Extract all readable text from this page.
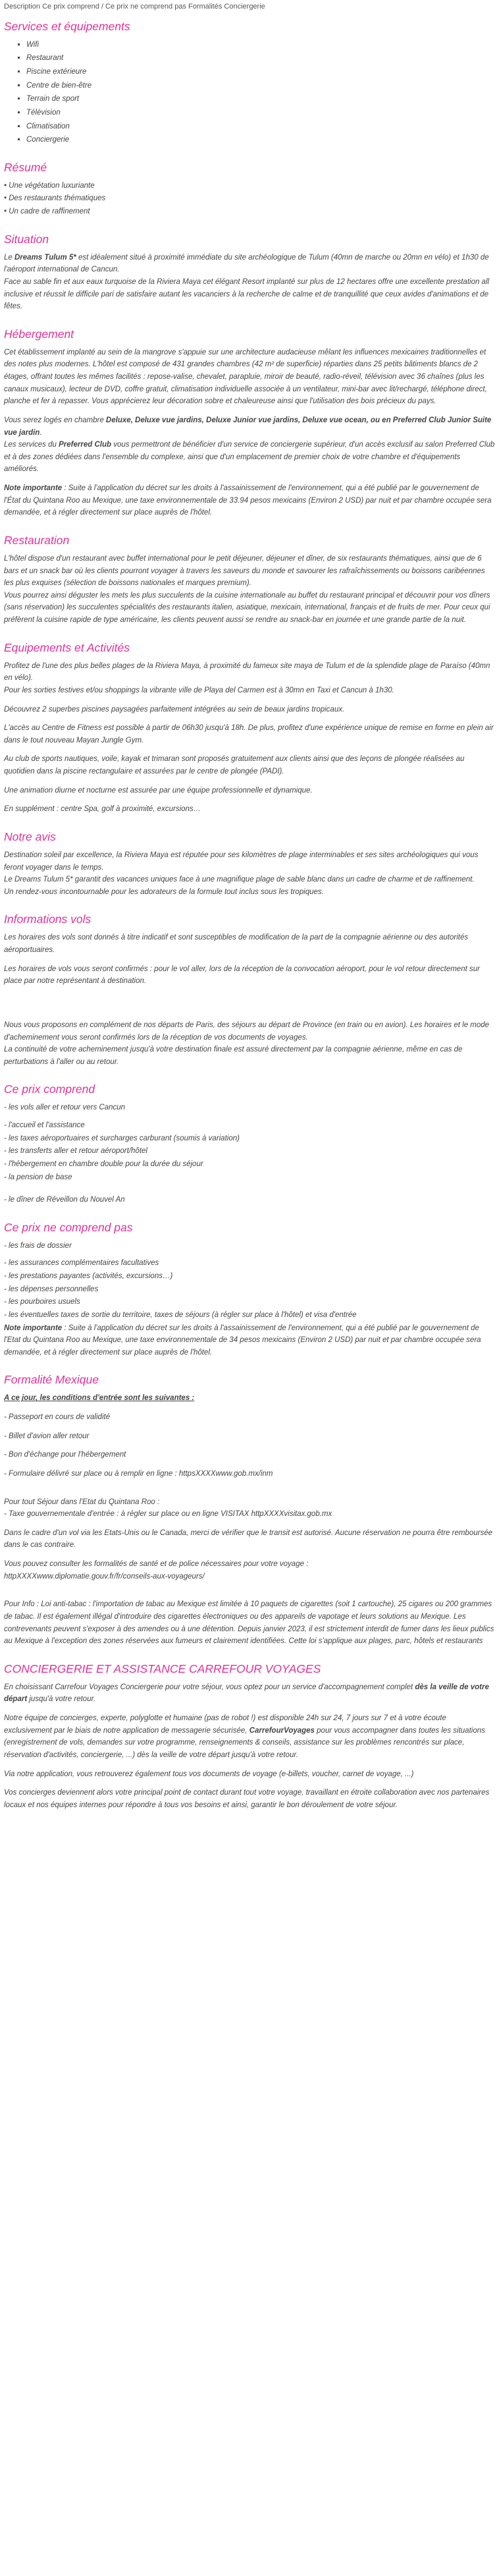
Description Ce prix comprend / Ce prix ne comprend pas Formalités Conciergerie
Services et équipements
▪ Wifi
▪ Restaurant
▪ Piscine extérieure
▪ Centre de bien-être
▪ Terrain de sport
▪ Télévision
▪ Climatisation
▪ Conciergerie
Résumé
• Une végétation luxuriante
• Des restaurants thématiques
• Un cadre de raffinement
Situation

Le Dreams Tulum 5* est idéalement situé à proximité immédiate du site archéologique de Tulum (40mn de marche ou 20mn en vélo) et 1h30 de l'aéroport international de Cancun.
Face au sable fin et aux eaux turquoise de la Riviera Maya cet élégant Resort implanté sur plus de 12 hectares offre une excellente prestation all inclusive et réussit le difficile pari de satisfaire autant les vacanciers à la recherche de calme et de tranquillité que ceux avides d'animations et de fêtes.

Hébergement

Cet établissement implanté au sein de la mangrove s'appuie sur une architecture audacieuse mêlant les influences mexicaines traditionnelles et des notes plus modernes. L'hôtel est composé de 431 grandes chambres (42 m² de superficie) réparties dans 25 petits bâtiments blancs de 2 étages, offrant toutes les mêmes facilités : repose-valise, chevalet, parapluie, miroir de beauté, radio-réveil, télévision avec 36 chaînes (plus les canaux musicaux), lecteur de DVD, coffre gratuit, climatisation individuelle associée à un ventilateur, mini-bar avec lit/rechargé, téléphone direct, planche et fer à repasser. Vous apprécierez leur décoration sobre et chaleureuse ainsi que l'utilisation des bois précieux du pays.

Vous serez logés en chambre Deluxe, Deluxe vue jardins, Deluxe Junior vue jardins, Deluxe vue ocean, ou en Preferred Club Junior Suite vue jardin.
Les services du Preferred Club vous permettront de bénéficier d'un service de conciergerie supérieur, d'un accès exclusif au salon Preferred Club et à des zones dédiées dans l'ensemble du complexe, ainsi que d'un emplacement de premier choix de votre chambre et d'équipements améliorés.

Note importante : Suite à l'application du décret sur les droits à l'assainissement de l'environnement, qui a été publié par le gouvernement de l'État du Quintana Roo au Mexique, une taxe environnementale de 33.94 pesos mexicains (Environ 2 USD) par nuit et par chambre occupée sera demandée, et à régler directement sur place auprès de l'hôtel.

Restauration

L'hôtel dispose d'un restaurant avec buffet international pour le petit déjeuner, déjeuner et dîner, de six restaurants thématiques, ainsi que de 6 bars et un snack bar où les clients pourront voyager à travers les saveurs du monde et savourer les rafraîchissements ou boissons caribéennes les plus exquises (sélection de boissons nationales et marques premium).
Vous pourrez ainsi déguster les mets les plus succulents de la cuisine internationale au buffet du restaurant principal et découvrir pour vos dîners (sans réservation) les succulentes spécialités des restaurants italien, asiatique, mexicain, international, français et de fruits de mer. Pour ceux qui préfèrent la cuisine rapide de type américaine, les clients peuvent aussi se rendre au snack-bar en journée et une grande partie de la nuit.

Equipements et Activités

Profitez de l'une des plus belles plages de la Riviera Maya, à proximité du fameux site maya de Tulum et de la splendide plage de Paraíso (40mn en vélo).
Pour les sorties festives et/ou shoppings la vibrante ville de Playa del Carmen est à 30mn en Taxi et Cancun à 1h30.

Découvrez 2 superbes piscines paysagées parfaitement intégrées au sein de beaux jardins tropicaux.

L'accès au Centre de Fitness est possible à partir de 06h30 jusqu'à 18h. De plus, profitez d'une expérience unique de remise en forme en plein air dans le tout nouveau Mayan Jungle Gym.

Au club de sports nautiques, voile, kayak et trimaran sont proposés gratuitement aux clients ainsi que des leçons de plongée réalisées au quotidien dans la piscine rectangulaire et assurées par le centre de plongée (PADI).

Une animation diurne et nocturne est assurée par une équipe professionnelle et dynamique.

En supplément : centre Spa, golf à proximité, excursions…

Notre avis

Destination soleil par excellence, la Riviera Maya est réputée pour ses kilomètres de plage interminables et ses sites archéologiques qui vous feront voyager dans le temps.
Le Dreams Tulum 5* garantit des vacances uniques face à une magnifique plage de sable blanc dans un cadre de charme et de raffinement.
Un rendez-vous incontournable pour les adorateurs de la formule tout inclus sous les tropiques.

Informations vols

Les horaires des vols sont donnés à titre indicatif et sont susceptibles de modification de la part de la compagnie aérienne ou des autorités aéroportuaires.

Les horaires de vols vous seront confirmés : pour le vol aller, lors de la réception de la convocation aéroport, pour le vol retour directement sur place par notre représentant à destination.

Nous vous proposons en complément de nos départs de Paris, des séjours au départ de Province (en train ou en avion). Les horaires et le mode d'acheminement vous seront confirmés lors de la réception de vos documents de voyages.
La continuité de votre acheminement jusqu'à votre destination finale est assuré directement par la compagnie aérienne, même en cas de perturbations à l'aller ou au retour.

Ce prix comprend
- les vols aller et retour vers Cancun
- l'accueil et l'assistance
- les taxes aéroportuaires et surcharges carburant (soumis à variation)
- les transferts aller et retour aéroport/hôtel
- l'hébergement en chambre double pour la durée du séjour
- la pension de base
- le dîner de Réveillon du Nouvel An
Ce prix ne comprend pas
- les frais de dossier
- les assurances complémentaires facultatives
- les prestations payantes (activités, excursions…)
- les dépenses personnelles
- les pourboires usuels
- les éventuelles taxes de sortie du territoire, taxes de séjours (à régler sur place à l'hôtel) et visa d'entrée

Note importante : Suite à l'application du décret sur les droits à l'assainissement de l'environnement, qui a été publié par le gouvernement de l'Etat du Quintana Roo au Mexique, une taxe environnementale de 34 pesos mexicains (Environ 2 USD) par nuit et par chambre occupée sera demandée, et à régler directement sur place auprès de l'hôtel.

Formalité Mexique

A ce jour, les conditions d'entrée sont les suivantes :

- Passeport en cours de validité

- Billet d'avion aller retour

- Bon d'échange pour l'hébergement

- Formulaire délivré sur place ou à remplir en ligne : httpsXXXXwww.gob.mx/inm

Pour tout Séjour dans l'Etat du Quintana Roo :
- Taxe gouvernementale d'entrée : à régler sur place ou en ligne VISITAX httpXXXXvisitax.gob.mx

Dans le cadre d'un vol via les Etats-Unis ou le Canada, merci de vérifier que le transit est autorisé. Aucune réservation ne pourra être remboursée dans le cas contraire.

Vous pouvez consulter les formalités de santé et de police nécessaires pour votre voyage :
httpXXXXwww.diplomatie.gouv.fr/fr/conseils-aux-voyageurs/

Pour Info : Loi anti-tabac : l'importation de tabac au Mexique est limitée à 10 paquets de cigarettes (soit 1 cartouche), 25 cigares ou 200 grammes de tabac. Il est également illégal d'introduire des cigarettes électroniques ou des appareils de vapotage et leurs solutions au Mexique. Les contrevenants peuvent s'exposer à des amendes ou à une détention. Depuis janvier 2023, il est strictement interdit de fumer dans les lieux publics au Mexique à l'exception des zones réservées aux fumeurs et clairement identifiées. Cette loi s'applique aux plages, parc, hôtels et restaurants

CONCIERGERIE ET ASSISTANCE CARREFOUR VOYAGES

En choisissant Carrefour Voyages Conciergerie pour votre séjour, vous optez pour un service d'accompagnement complet dès la veille de votre départ jusqu'à votre retour.

Notre équipe de concierges, experte, polyglotte et humaine (pas de robot !) est disponible 24h sur 24, 7 jours sur 7 et à votre écoute exclusivement par le biais de notre application de messagerie sécurisée, CarrefourVoyages pour vous accompagner dans toutes les situations (enregistrement de vols, demandes sur votre programme, renseignements & conseils, assistance sur les problèmes rencontrés sur place, réservation d'activités, conciergerie, ...) dès la veille de votre départ jusqu'à votre retour.

Via notre application, vous retrouverez également tous vos documents de voyage (e-billets, voucher, carnet de voyage, ...)

Vos concierges deviennent alors votre principal point de contact durant tout votre voyage, travaillant en étroite collaboration avec nos partenaires locaux et nos équipes internes pour répondre à tous vos besoins et ainsi, garantir le bon déroulement de votre séjour.
